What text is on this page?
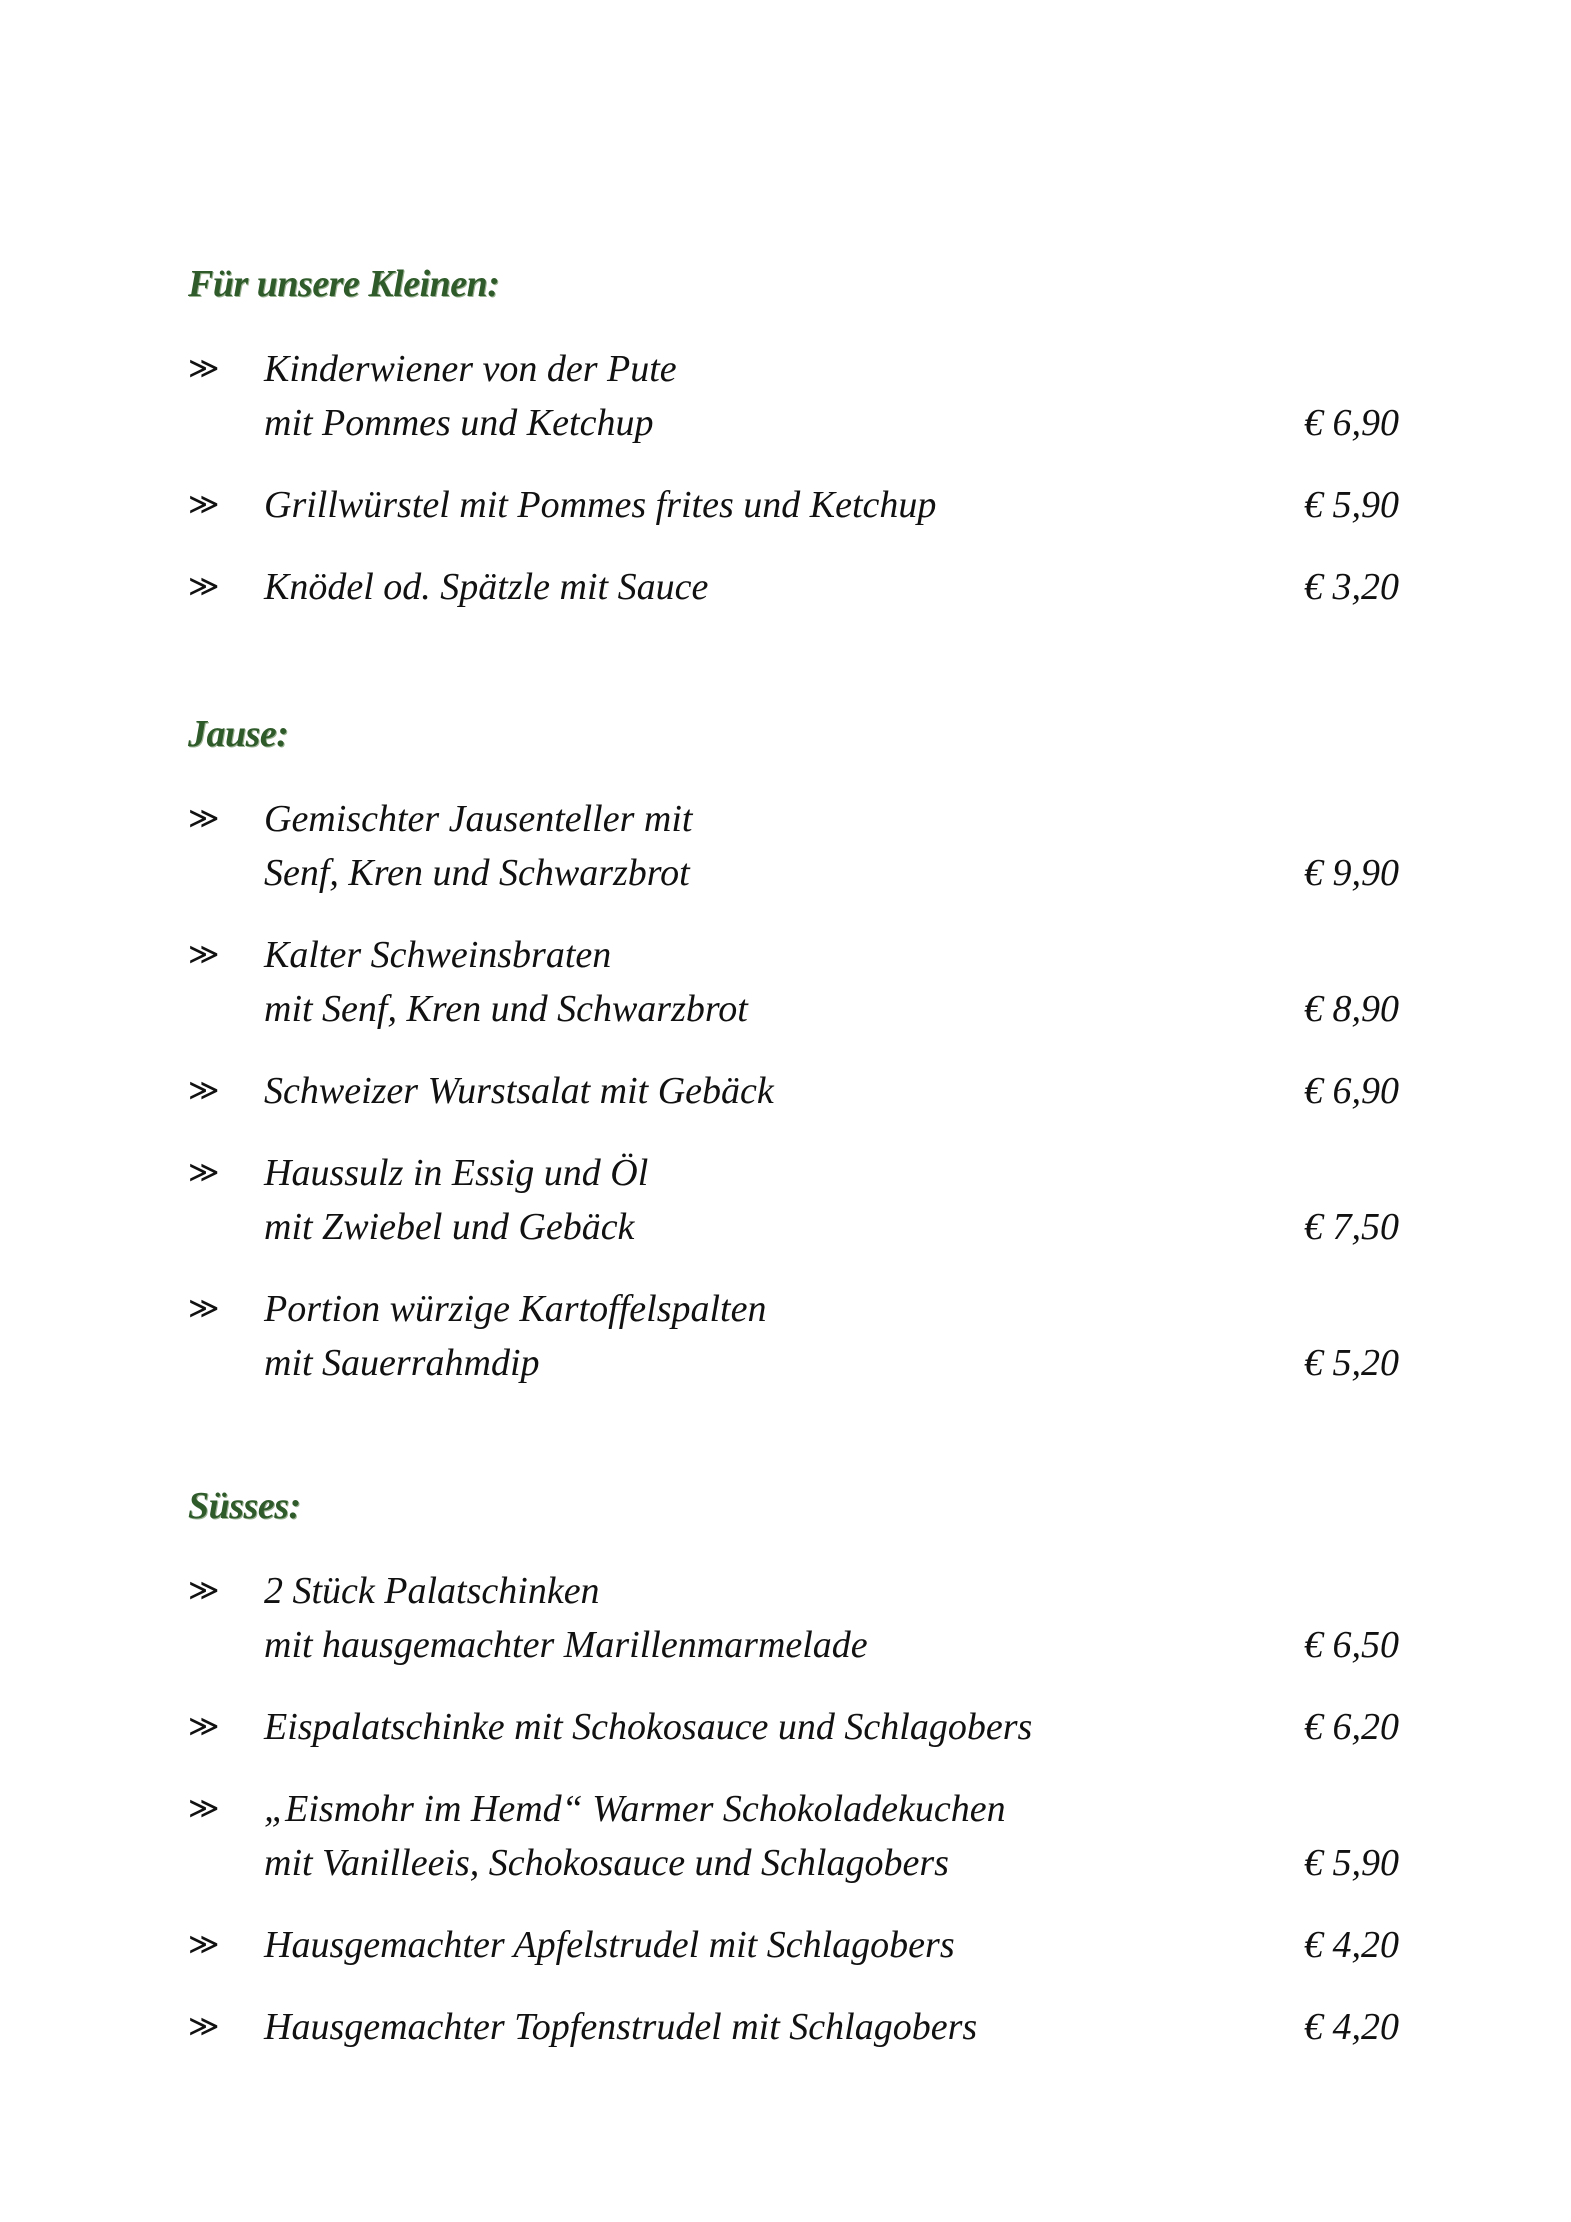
Für unsere Kleinen:
≫ Kinderwiener von der Pute
mit Pommes und Ketchup	€ 6,90
≫ Grillwürstel mit Pommes frites und Ketchup	€ 5,90
≫ Knödel od. Spätzle mit Sauce	€ 3,20
Jause:
≫ Gemischter Jausenteller mit
Senf, Kren und Schwarzbrot	€ 9,90
≫ Kalter Schweinsbraten
mit Senf, Kren und Schwarzbrot	€ 8,90
≫ Schweizer Wurstsalat mit Gebäck	€ 6,90
≫ Haussulz in Essig und Öl
mit Zwiebel und Gebäck	€ 7,50
≫ Portion würzige Kartoffelspalten
mit Sauerrahmdip	€ 5,20
Süsses:
≫ 2 Stück Palatschinken
mit hausgemachter Marillenmarmelade	€ 6,50
≫ Eispalatschinke mit Schokosauce und Schlagobers	€ 6,20
≫ „Eismohr im Hemd“ Warmer Schokoladekuchen
mit Vanilleeis, Schokosauce und Schlagobers	€ 5,90
≫ Hausgemachter Apfelstrudel mit Schlagobers	€ 4,20
≫ Hausgemachter Topfenstrudel mit Schlagobers	€ 4,20
